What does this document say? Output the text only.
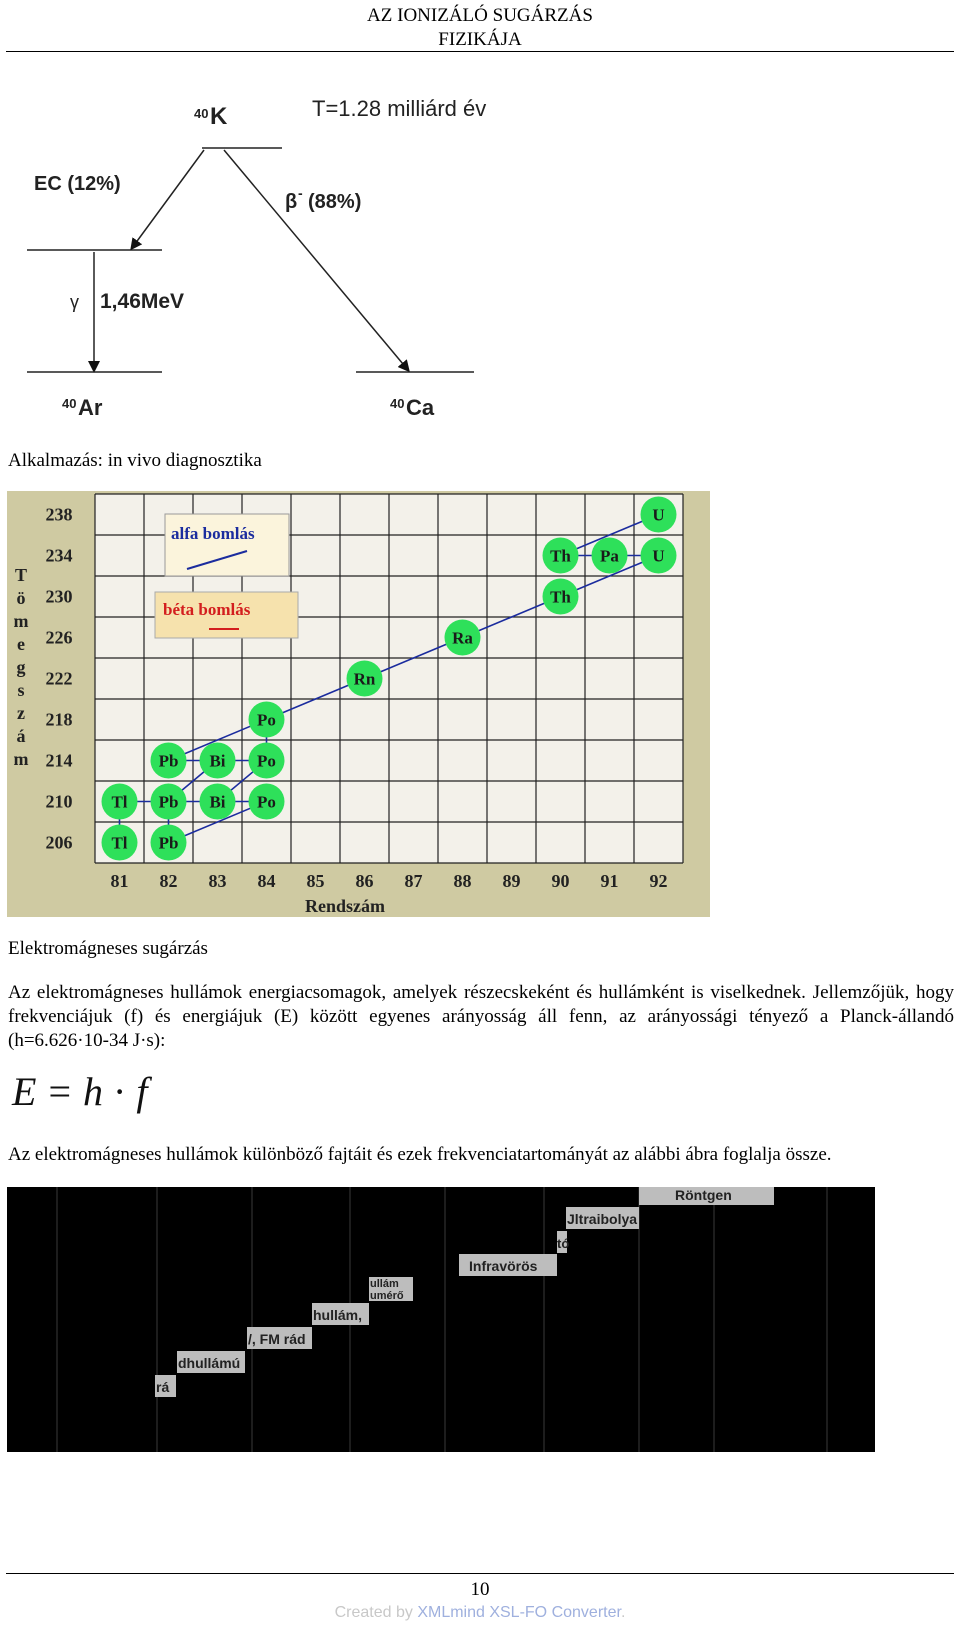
AZ IONIZÁLÓ SUGÁRZÁS
FIZIKÁJA
40 K	T=1.28 milliárd év
EC (12%)
γ 1,46MeV
40 Ar
β - (88%)
40 Ca
Alkalmazás: in vivo diagnosztika
T
ö
m
e
g
s
z
á
m
alfa bomlás
béta bomlás
U
Th Pa U
Th
Ra
Rn
Po
Pb Bi Po
Tl Pb Bi Po
Tl Pb
238
234
230
226
222
218
214
210
206
81 82 83 84 85 86 87 88 89 90 91 92
Rendszám
Elektromágneses sugárzás
Az elektromágneses hullámok energiacsomagok, amelyek részecskeként és hullámként is viselkednek. Jellemzőjük, hogy frekvenciájuk (f) és energiájuk (E) között egyenes arányosság áll fenn, az arányossági tényező a Planck-állandó (h=6.626·10-34 J·s):
E = h · f
Az elektromágneses hullámok különböző fajtáit és ezek frekvenciatartományát az alábbi ábra foglalja össze.
rá
dhullámú
/, FM rád
hullám,
ullám
umérő
Infravörös
tó
Jltraibolya
Röntgen
10
Created by XMLmind XSL-FO Converter.
